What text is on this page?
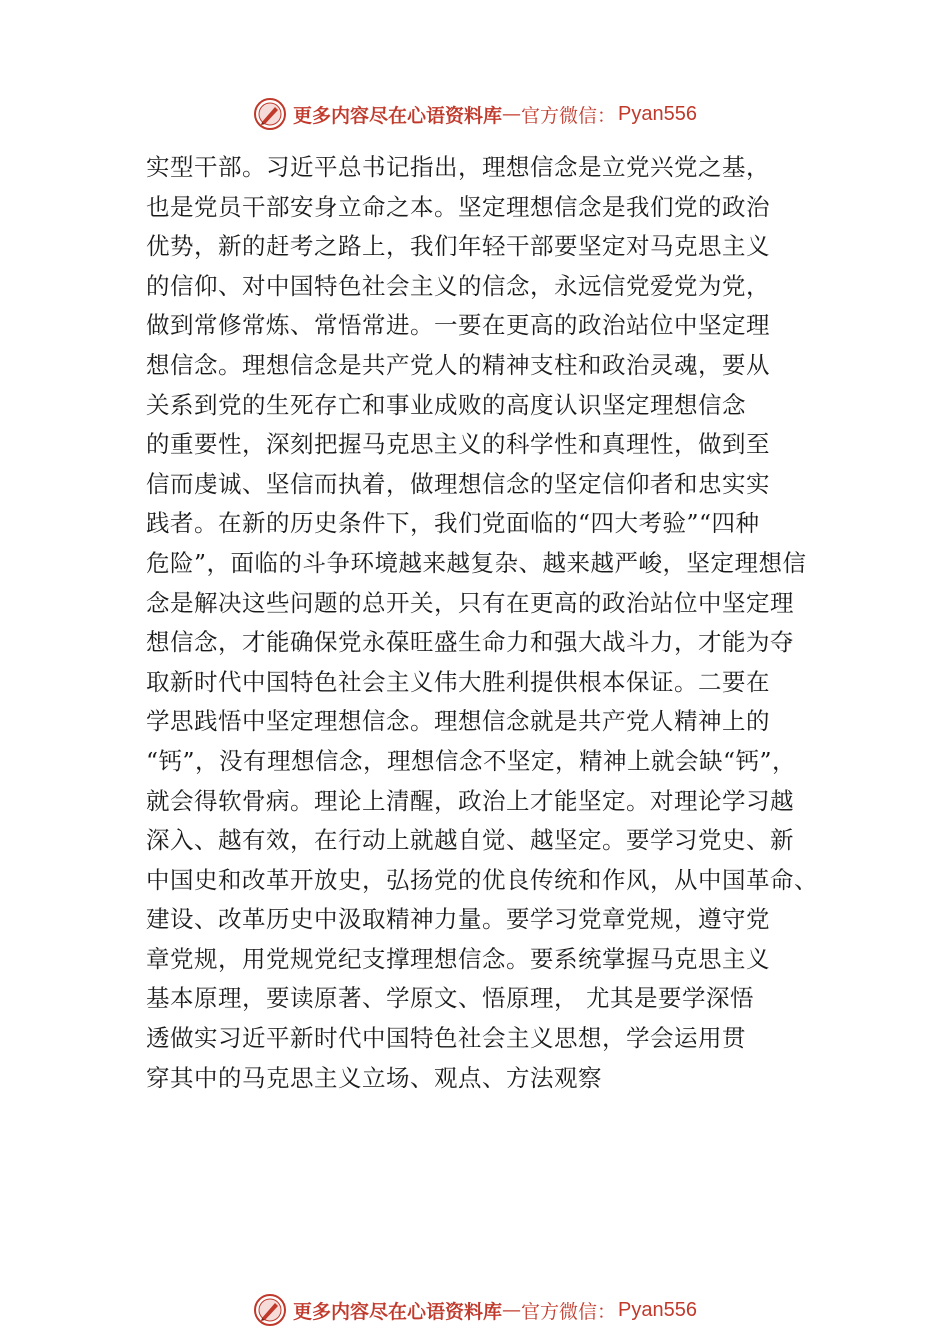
更多内容尽在心语资料库 — 官方微信： Pyan556
实型干部。习近平总书记指出，理想信念是立党兴党之基，
也是党员干部安身立命之本。坚定理想信念是我们党的政治
优势，新的赶考之路上，我们年轻干部要坚定对马克思主义
的信仰、对中国特色社会主义的信念，永远信党爱党为党，
做到常修常炼、常悟常进。一要在更高的政治站位中坚定理
想信念。理想信念是共产党人的精神支柱和政治灵魂，要从
关系到党的生死存亡和事业成败的高度认识坚定理想信念
的重要性，深刻把握马克思主义的科学性和真理性，做到至
信而虔诚、坚信而执着，做理想信念的坚定信仰者和忠实实
践者。在新的历史条件下，我们党面临的“四大考验”“四种
危险”，面临的斗争环境越来越复杂、越来越严峻，坚定理想信
念是解决这些问题的总开关，只有在更高的政治站位中坚定理
想信念，才能确保党永葆旺盛生命力和强大战斗力，才能为夺
取新时代中国特色社会主义伟大胜利提供根本保证。二要在
学思践悟中坚定理想信念。理想信念就是共产党人精神上的
“钙”，没有理想信念，理想信念不坚定，精神上就会缺“钙”，
就会得软骨病。理论上清醒，政治上才能坚定。对理论学习越
深入、越有效，在行动上就越自觉、越坚定。要学习党史、新
中国史和改革开放史，弘扬党的优良传统和作风，从中国革命、
建设、改革历史中汲取精神力量。要学习党章党规，遵守党
章党规，用党规党纪支撑理想信念。要系统掌握马克思主义
基本原理，要读原著、学原文、悟原理， 尤其是要学深悟
透做实习近平新时代中国特色社会主义思想，学会运用贯
穿其中的马克思主义立场、观点、方法观察
更多内容尽在心语资料库 — 官方微信： Pyan556
